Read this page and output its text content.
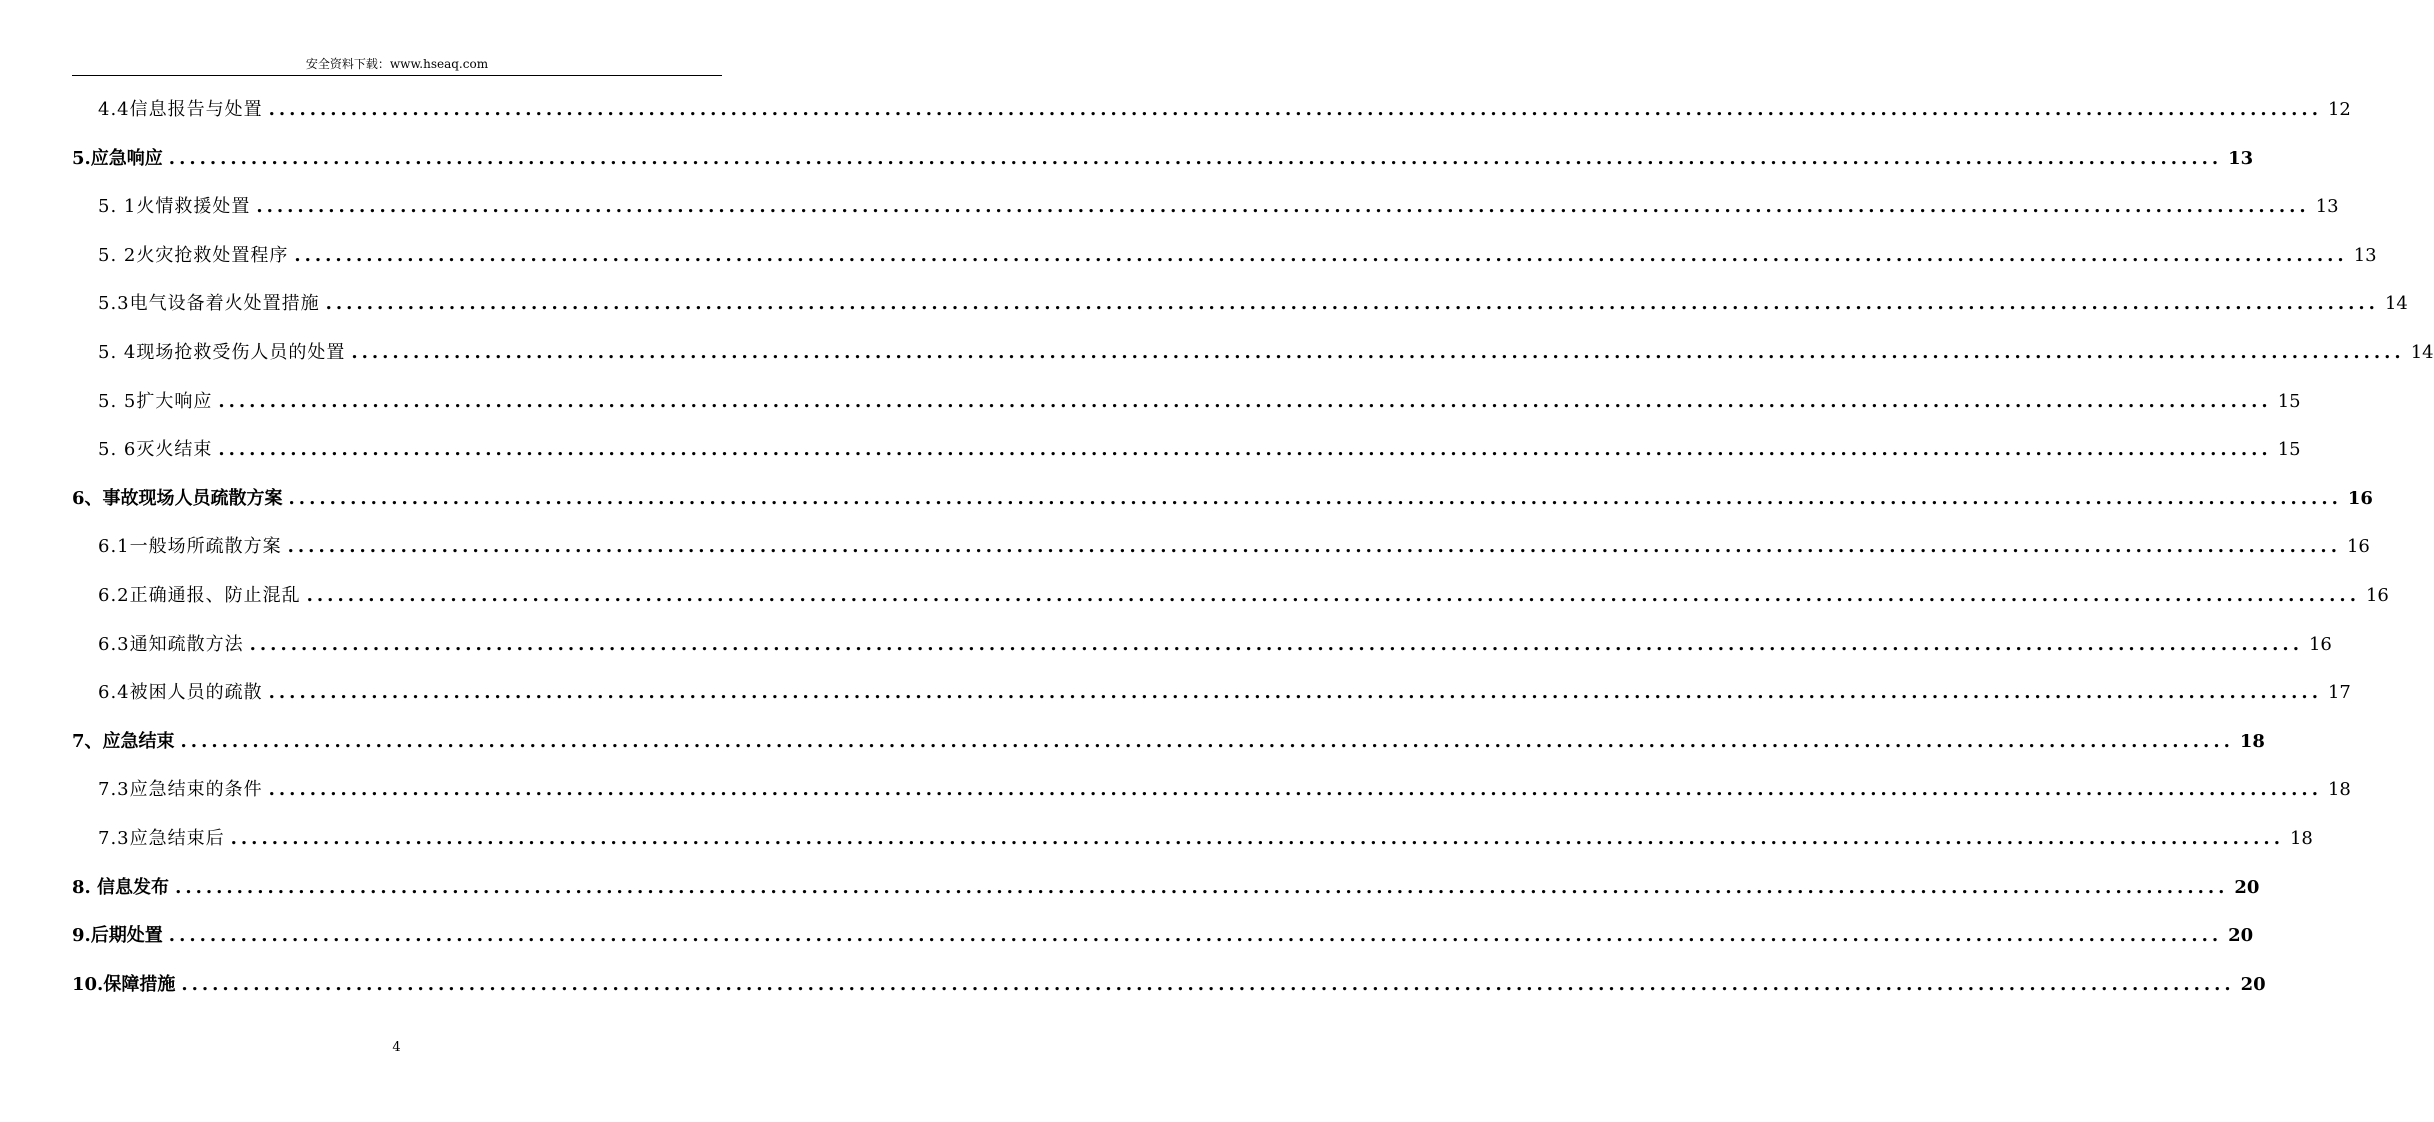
安全资料下载：www.hseaq.com
4.4信息报告与处置 ........................................................................................................................................................................................................ 12
5.应急响应 ........................................................................................................................................................................................................ 13
5. 1火情救援处置 ........................................................................................................................................................................................................ 13
5. 2火灾抢救处置程序 ........................................................................................................................................................................................................ 13
5.3电气设备着火处置措施 ........................................................................................................................................................................................................ 14
5. 4现场抢救受伤人员的处置 ........................................................................................................................................................................................................ 14
5. 5扩大响应 ........................................................................................................................................................................................................ 15
5. 6灭火结束 ........................................................................................................................................................................................................ 15
6、事故现场人员疏散方案 ........................................................................................................................................................................................................ 16
6.1一般场所疏散方案 ........................................................................................................................................................................................................ 16
6.2正确通报、防止混乱 ........................................................................................................................................................................................................ 16
6.3通知疏散方法 ........................................................................................................................................................................................................ 16
6.4被困人员的疏散 ........................................................................................................................................................................................................ 17
7、应急结束 ........................................................................................................................................................................................................ 18
7.3应急结束的条件 ........................................................................................................................................................................................................ 18
7.3应急结束后 ........................................................................................................................................................................................................ 18
8. 信息发布 ........................................................................................................................................................................................................ 20
9.后期处置 ........................................................................................................................................................................................................ 20
10.保障措施 ........................................................................................................................................................................................................ 20
4
